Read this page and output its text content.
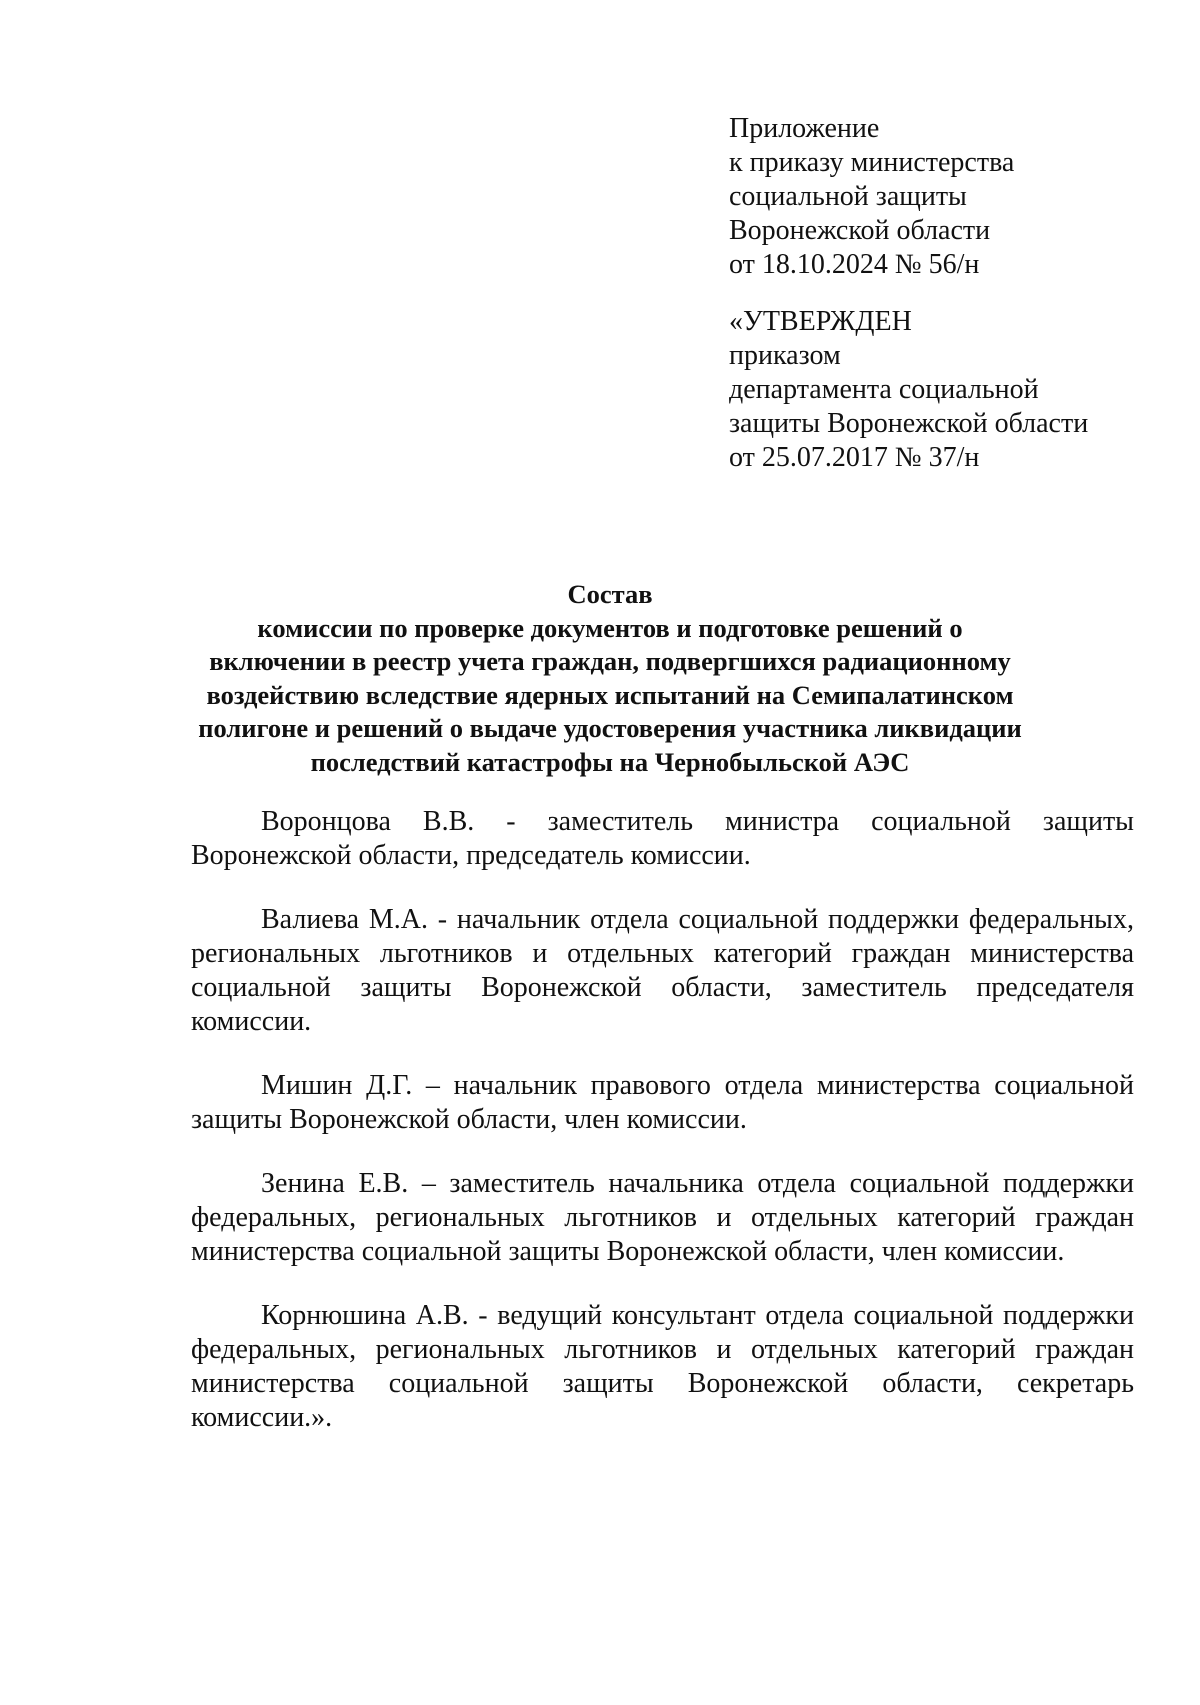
Приложение
к приказу министерства
социальной защиты
Воронежской области
от 18.10.2024 № 56/н
«УТВЕРЖДЕН
приказом
департамента социальной
защиты Воронежской области
от 25.07.2017 № 37/н
Состав
комиссии по проверке документов и подготовке решений о
включении в реестр учета граждан, подвергшихся радиационному
воздействию вследствие ядерных испытаний на Семипалатинском
полигоне и решений о выдаче удостоверения участника ликвидации
последствий катастрофы на Чернобыльской АЭС

Воронцова В.В. - заместитель министра социальной защиты Воронежской области, председатель комиссии.

Валиева М.А. - начальник отдела социальной поддержки федеральных, региональных льготников и отдельных категорий граждан министерства социальной защиты Воронежской области, заместитель председателя комиссии.

Мишин Д.Г. – начальник правового отдела министерства социальной защиты Воронежской области, член комиссии.

Зенина Е.В. – заместитель начальника отдела социальной поддержки федеральных, региональных льготников и отдельных категорий граждан министерства социальной защиты Воронежской области, член комиссии.

Корнюшина А.В. - ведущий консультант отдела социальной поддержки федеральных, региональных льготников и отдельных категорий граждан министерства социальной защиты Воронежской области, секретарь комиссии.».
